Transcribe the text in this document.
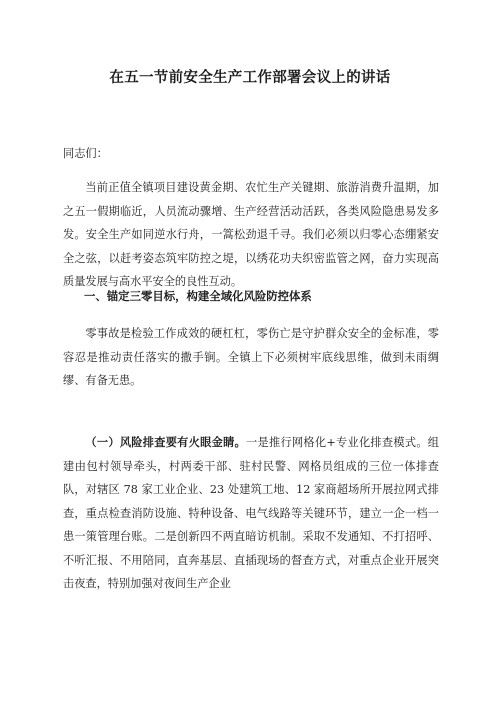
在五一节前安全生产工作部署会议上的讲话
同志们：
当前正值全镇项目建设黄金期、农忙生产关键期、旅游消费升温期，加之五一假期临近，人员流动骤增、生产经营活动活跃，各类风险隐患易发多发。安全生产如同逆水行舟，一篙松劲退千寻。我们必须以归零心态绷紧安全之弦，以赶考姿态筑牢防控之堤，以绣花功夫织密监管之网，奋力实现高质量发展与高水平安全的良性互动。
一、锚定三零目标，构建全域化风险防控体系
零事故是检验工作成效的硬杠杠，零伤亡是守护群众安全的金标准，零容忍是推动责任落实的撒手锏。全镇上下必须树牢底线思维，做到未雨绸缪、有备无患。
（一）风险排查要有火眼金睛。一是推行网格化+专业化排查模式。组建由包村领导牵头，村两委干部、驻村民警、网格员组成的三位一体排查队，对辖区 78 家工业企业、23 处建筑工地、12 家商超场所开展拉网式排查，重点检查消防设施、特种设备、电气线路等关键环节，建立一企一档一患一策管理台账。二是创新四不两直暗访机制。采取不发通知、不打招呼、不听汇报、不用陪同，直奔基层、直插现场的督查方式，对重点企业开展突击夜查，特别加强对夜间生产企业
